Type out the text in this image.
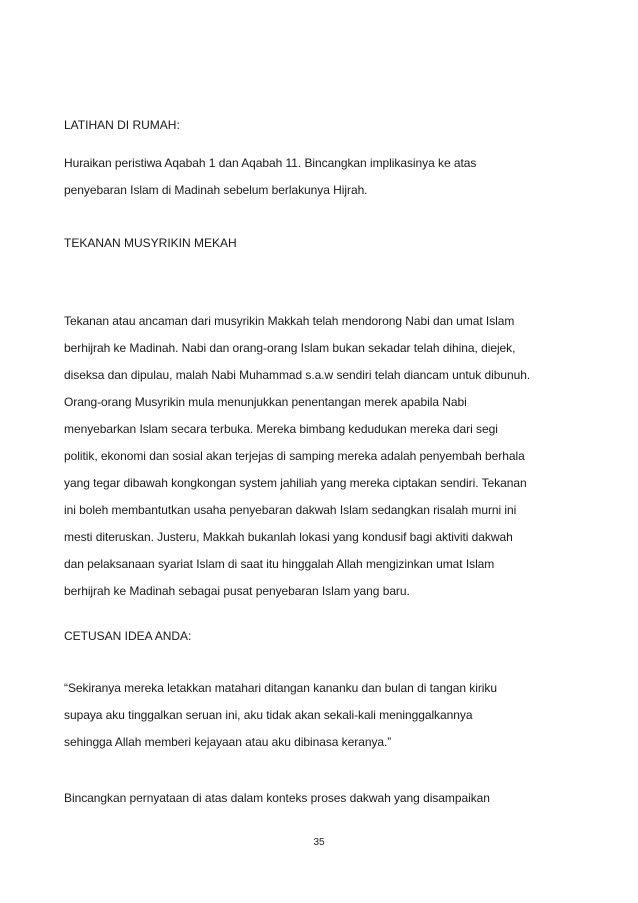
LATIHAN DI RUMAH:
Huraikan peristiwa Aqabah 1 dan Aqabah 11. Bincangkan implikasinya ke atas
penyebaran Islam di Madinah sebelum berlakunya Hijrah.
TEKANAN MUSYRIKIN MEKAH
Tekanan atau ancaman dari musyrikin Makkah telah mendorong Nabi dan umat Islam
berhijrah ke Madinah. Nabi dan orang-orang Islam bukan sekadar telah dihina, diejek,
diseksa dan dipulau, malah Nabi Muhammad s.a.w sendiri telah diancam untuk dibunuh.
Orang-orang Musyrikin mula menunjukkan penentangan merek apabila Nabi
menyebarkan Islam secara terbuka. Mereka bimbang kedudukan mereka dari segi
politik, ekonomi dan sosial akan terjejas di samping mereka adalah penyembah berhala
yang tegar dibawah kongkongan system jahiliah yang mereka ciptakan sendiri. Tekanan
ini boleh membantutkan usaha penyebaran dakwah Islam sedangkan risalah murni ini
mesti diteruskan. Justeru, Makkah bukanlah lokasi yang kondusif bagi aktiviti dakwah
dan pelaksanaan syariat Islam di saat itu hinggalah Allah mengizinkan umat Islam
berhijrah ke Madinah sebagai pusat penyebaran Islam yang baru.
CETUSAN IDEA ANDA:
“Sekiranya mereka letakkan matahari ditangan kananku dan bulan di tangan kiriku
supaya aku tinggalkan seruan ini, aku tidak akan sekali-kali meninggalkannya
sehingga Allah memberi kejayaan atau aku dibinasa keranya.”
Bincangkan pernyataan di atas dalam konteks proses dakwah yang disampaikan
35
